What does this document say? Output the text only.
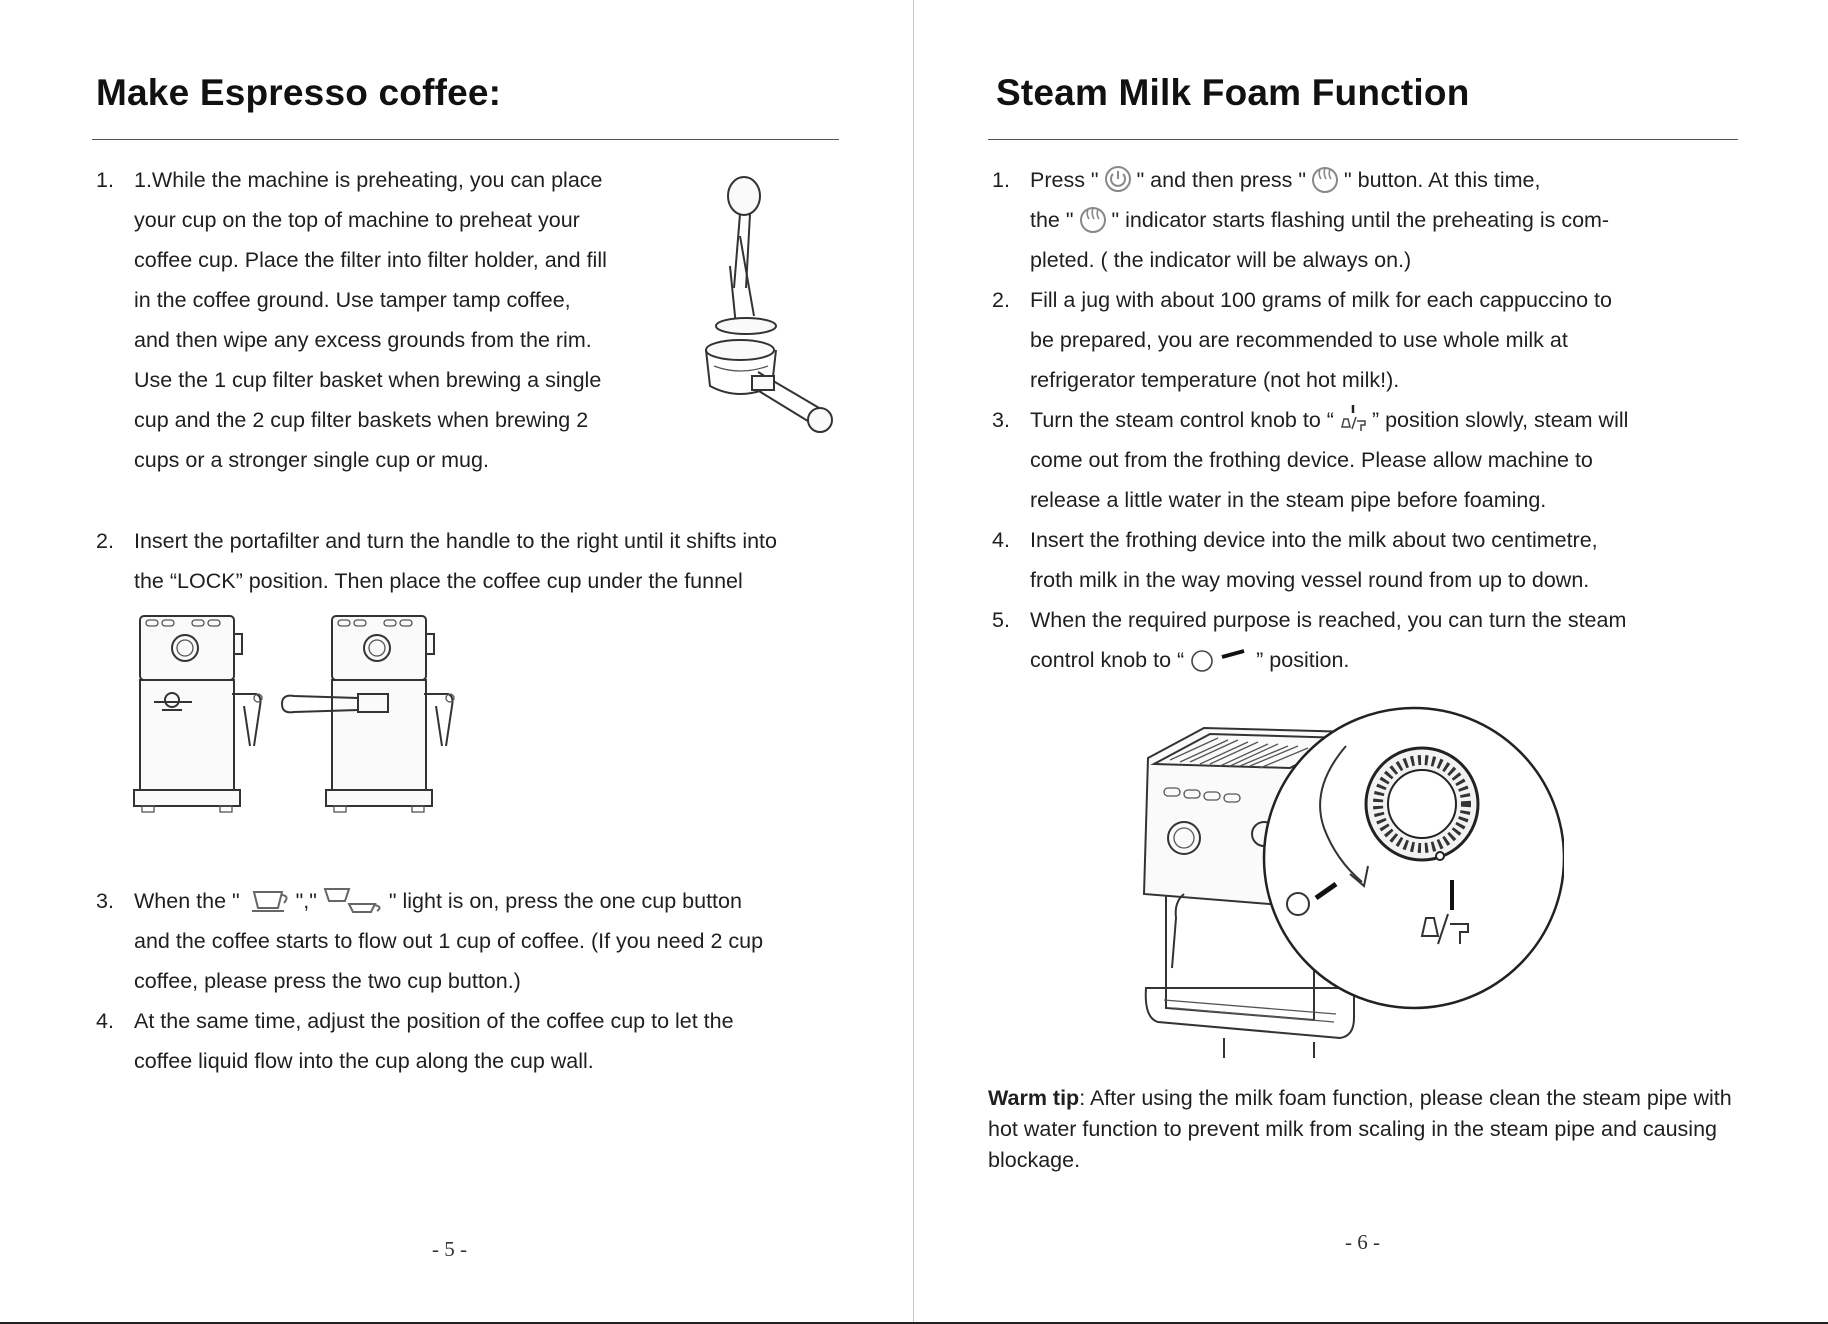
Make Espresso coffee:
1. 1.While the machine is preheating, you can place
your cup on the top of machine to preheat your
coffee cup. Place the filter into filter holder, and fill
in the coffee ground. Use tamper tamp coffee,
and then wipe any excess grounds from the rim.
Use the 1 cup filter basket when brewing a single
cup and the 2 cup filter baskets when brewing 2
cups or a stronger single cup or mug.
2. Insert the portafilter and turn the handle to the right until it shifts into
the “LOCK” position. Then place the coffee cup under the funnel
3. When the "	","	" light is on, press the one cup button
and the coffee starts to flow out 1 cup of coffee. (If you need 2 cup
coffee, please press the two cup button.)
4. At the same time, adjust the position of the coffee cup to let the
coffee liquid flow into the cup along the cup wall.
- 5 -
Steam Milk Foam Function
1. Press " " and then press " " button. At this time,
the " " indicator starts flashing until the preheating is com-
pleted. ( the indicator will be always on.)
2. Fill a jug with about 100 grams of milk for each cappuccino to
be prepared, you are recommended to use whole milk at
refrigerator temperature (not hot milk!).
3. Turn the steam control knob to “ ” position slowly, steam will
come out from the frothing device. Please allow machine to
release a little water in the steam pipe before foaming.
4. Insert the frothing device into the milk about two centimetre,
froth milk in the way moving vessel round from up to down.
5. When the required purpose is reached, you can turn the steam
control knob to “	” position.
Warm tip: After using the milk foam function, please clean the steam pipe with hot water function to prevent milk from scaling in the steam pipe and causing blockage.
- 6 -
